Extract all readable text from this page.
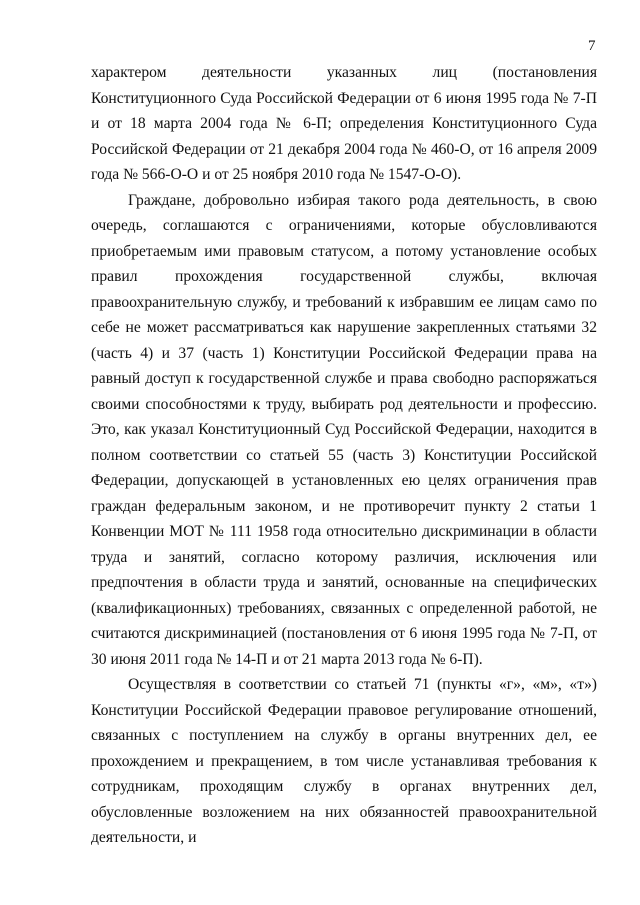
7

характером деятельности указанных лиц (постановления Конституционного Суда Российской Федерации от 6 июня 1995 года № 7-П и от 18 марта 2004 года № 6-П; определения Конституционного Суда Российской Федерации от 21 декабря 2004 года № 460-О, от 16 апреля 2009 года № 566-О-О и от 25 ноября 2010 года № 1547-О-О).

Граждане, добровольно избирая такого рода деятельность, в свою очередь, соглашаются с ограничениями, которые обусловливаются приобретаемым ими правовым статусом, а потому установление особых правил прохождения государственной службы, включая правоохранительную службу, и требований к избравшим ее лицам само по себе не может рассматриваться как нарушение закрепленных статьями 32 (часть 4) и 37 (часть 1) Конституции Российской Федерации права на равный доступ к государственной службе и права свободно распоряжаться своими способностями к труду, выбирать род деятельности и профессию. Это, как указал Конституционный Суд Российской Федерации, находится в полном соответствии со статьей 55 (часть 3) Конституции Российской Федерации, допускающей в установленных ею целях ограничения прав граждан федеральным законом, и не противоречит пункту 2 статьи 1 Конвенции МОТ № 111 1958 года относительно дискриминации в области труда и занятий, согласно которому различия, исключения или предпочтения в области труда и занятий, основанные на специфических (квалификационных) требованиях, связанных с определенной работой, не считаются дискриминацией (постановления от 6 июня 1995 года № 7-П, от 30 июня 2011 года № 14-П и от 21 марта 2013 года № 6-П).

Осуществляя в соответствии со статьей 71 (пункты «г», «м», «т») Конституции Российской Федерации правовое регулирование отношений, связанных с поступлением на службу в органы внутренних дел, ее прохождением и прекращением, в том числе устанавливая требования к сотрудникам, проходящим службу в органах внутренних дел, обусловленные возложением на них обязанностей правоохранительной деятельности, и
